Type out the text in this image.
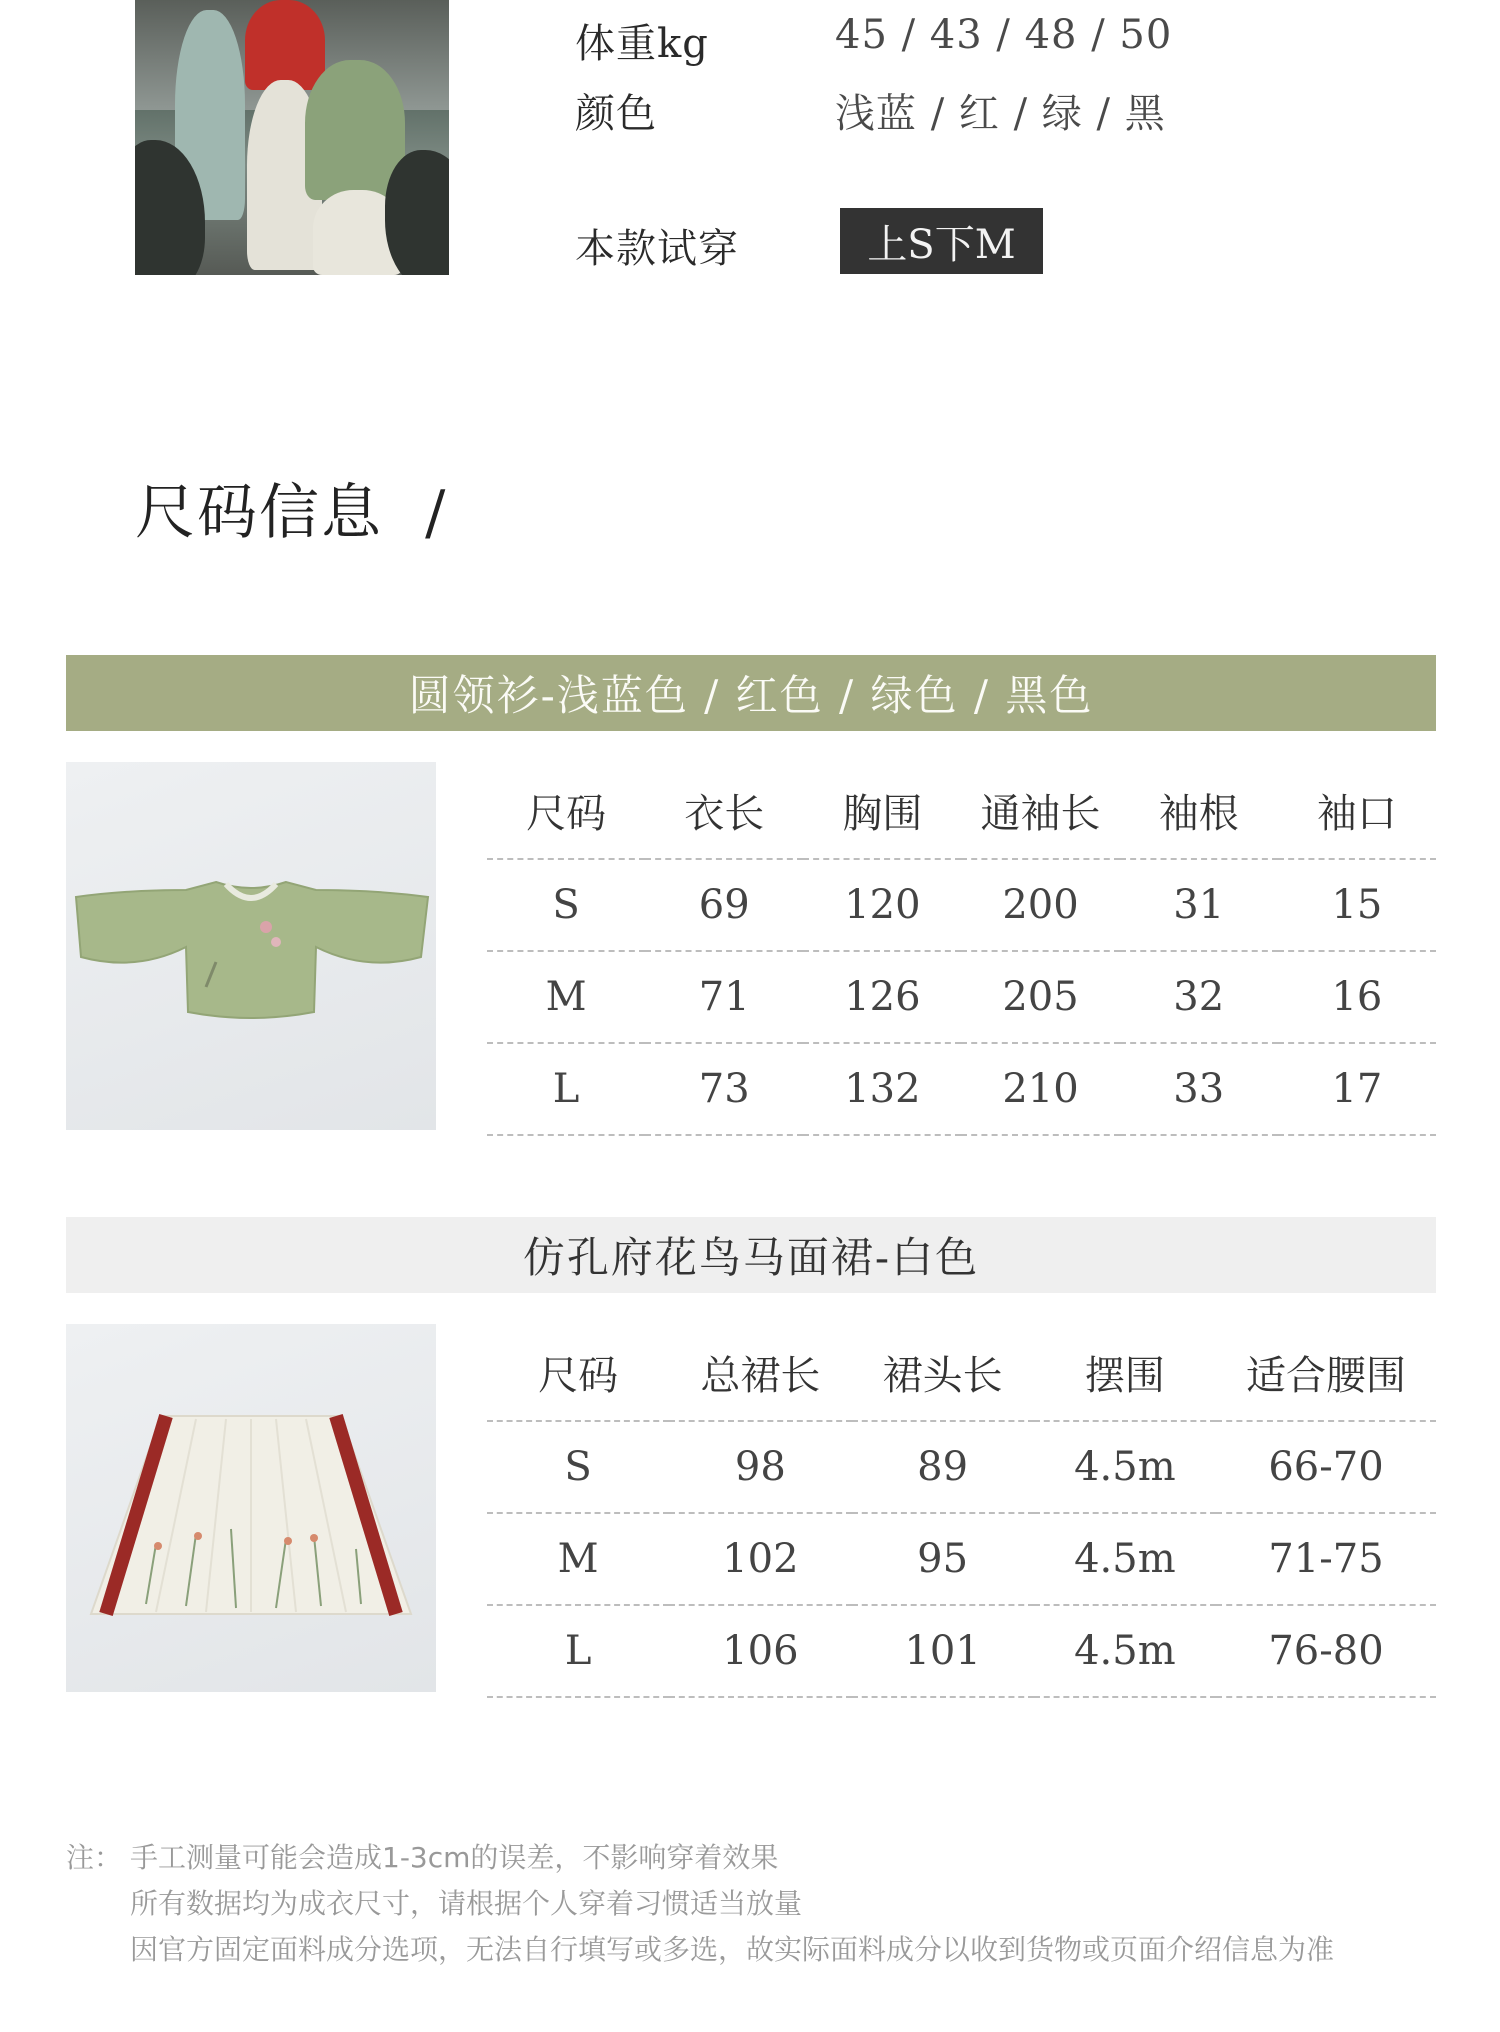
体重kg	45 / 43 / 48 / 50
颜色	浅蓝 / 红 / 绿 / 黑
本款试穿	上S下M
尺码信息  /
圆领衫-浅蓝色 / 红色 / 绿色 / 黑色
尺码	衣长	胸围	通袖长	袖根	袖口
S	69	120	200	31	15
M	71	126	205	32	16
L	73	132	210	33	17
仿孔府花鸟马面裙-白色
尺码	总裙长	裙头长	摆围	适合腰围
S	98	89	4.5m	66-70
M	102	95	4.5m	71-75
L	106	101	4.5m	76-80
注： 手工测量可能会造成1-3cm的误差，不影响穿着效果
所有数据均为成衣尺寸，请根据个人穿着习惯适当放量
因官方固定面料成分选项，无法自行填写或多选，故实际面料成分以收到货物或页面介绍信息为准
